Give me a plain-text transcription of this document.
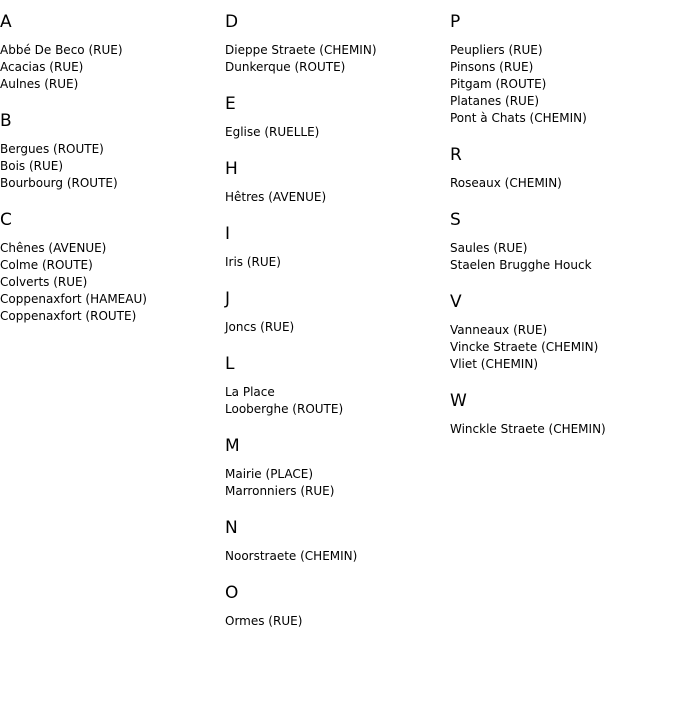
A
Abbé De Beco (RUE)
Acacias (RUE)
Aulnes (RUE)
B
Bergues (ROUTE)
Bois (RUE)
Bourbourg (ROUTE)
C
Chênes (AVENUE)
Colme (ROUTE)
Colverts (RUE)
Coppenaxfort (HAMEAU)
Coppenaxfort (ROUTE)
D
Dieppe Straete (CHEMIN)
Dunkerque (ROUTE)
E
Eglise (RUELLE)
H
Hêtres (AVENUE)
I
Iris (RUE)
J
Joncs (RUE)
L
La Place
Looberghe (ROUTE)
M
Mairie (PLACE)
Marronniers (RUE)
N
Noorstraete (CHEMIN)
O
Ormes (RUE)
P
Peupliers (RUE)
Pinsons (RUE)
Pitgam (ROUTE)
Platanes (RUE)
Pont à Chats (CHEMIN)
R
Roseaux (CHEMIN)
S
Saules (RUE)
Staelen Brugghe Houck
V
Vanneaux (RUE)
Vincke Straete (CHEMIN)
Vliet (CHEMIN)
W
Winckle Straete (CHEMIN)
